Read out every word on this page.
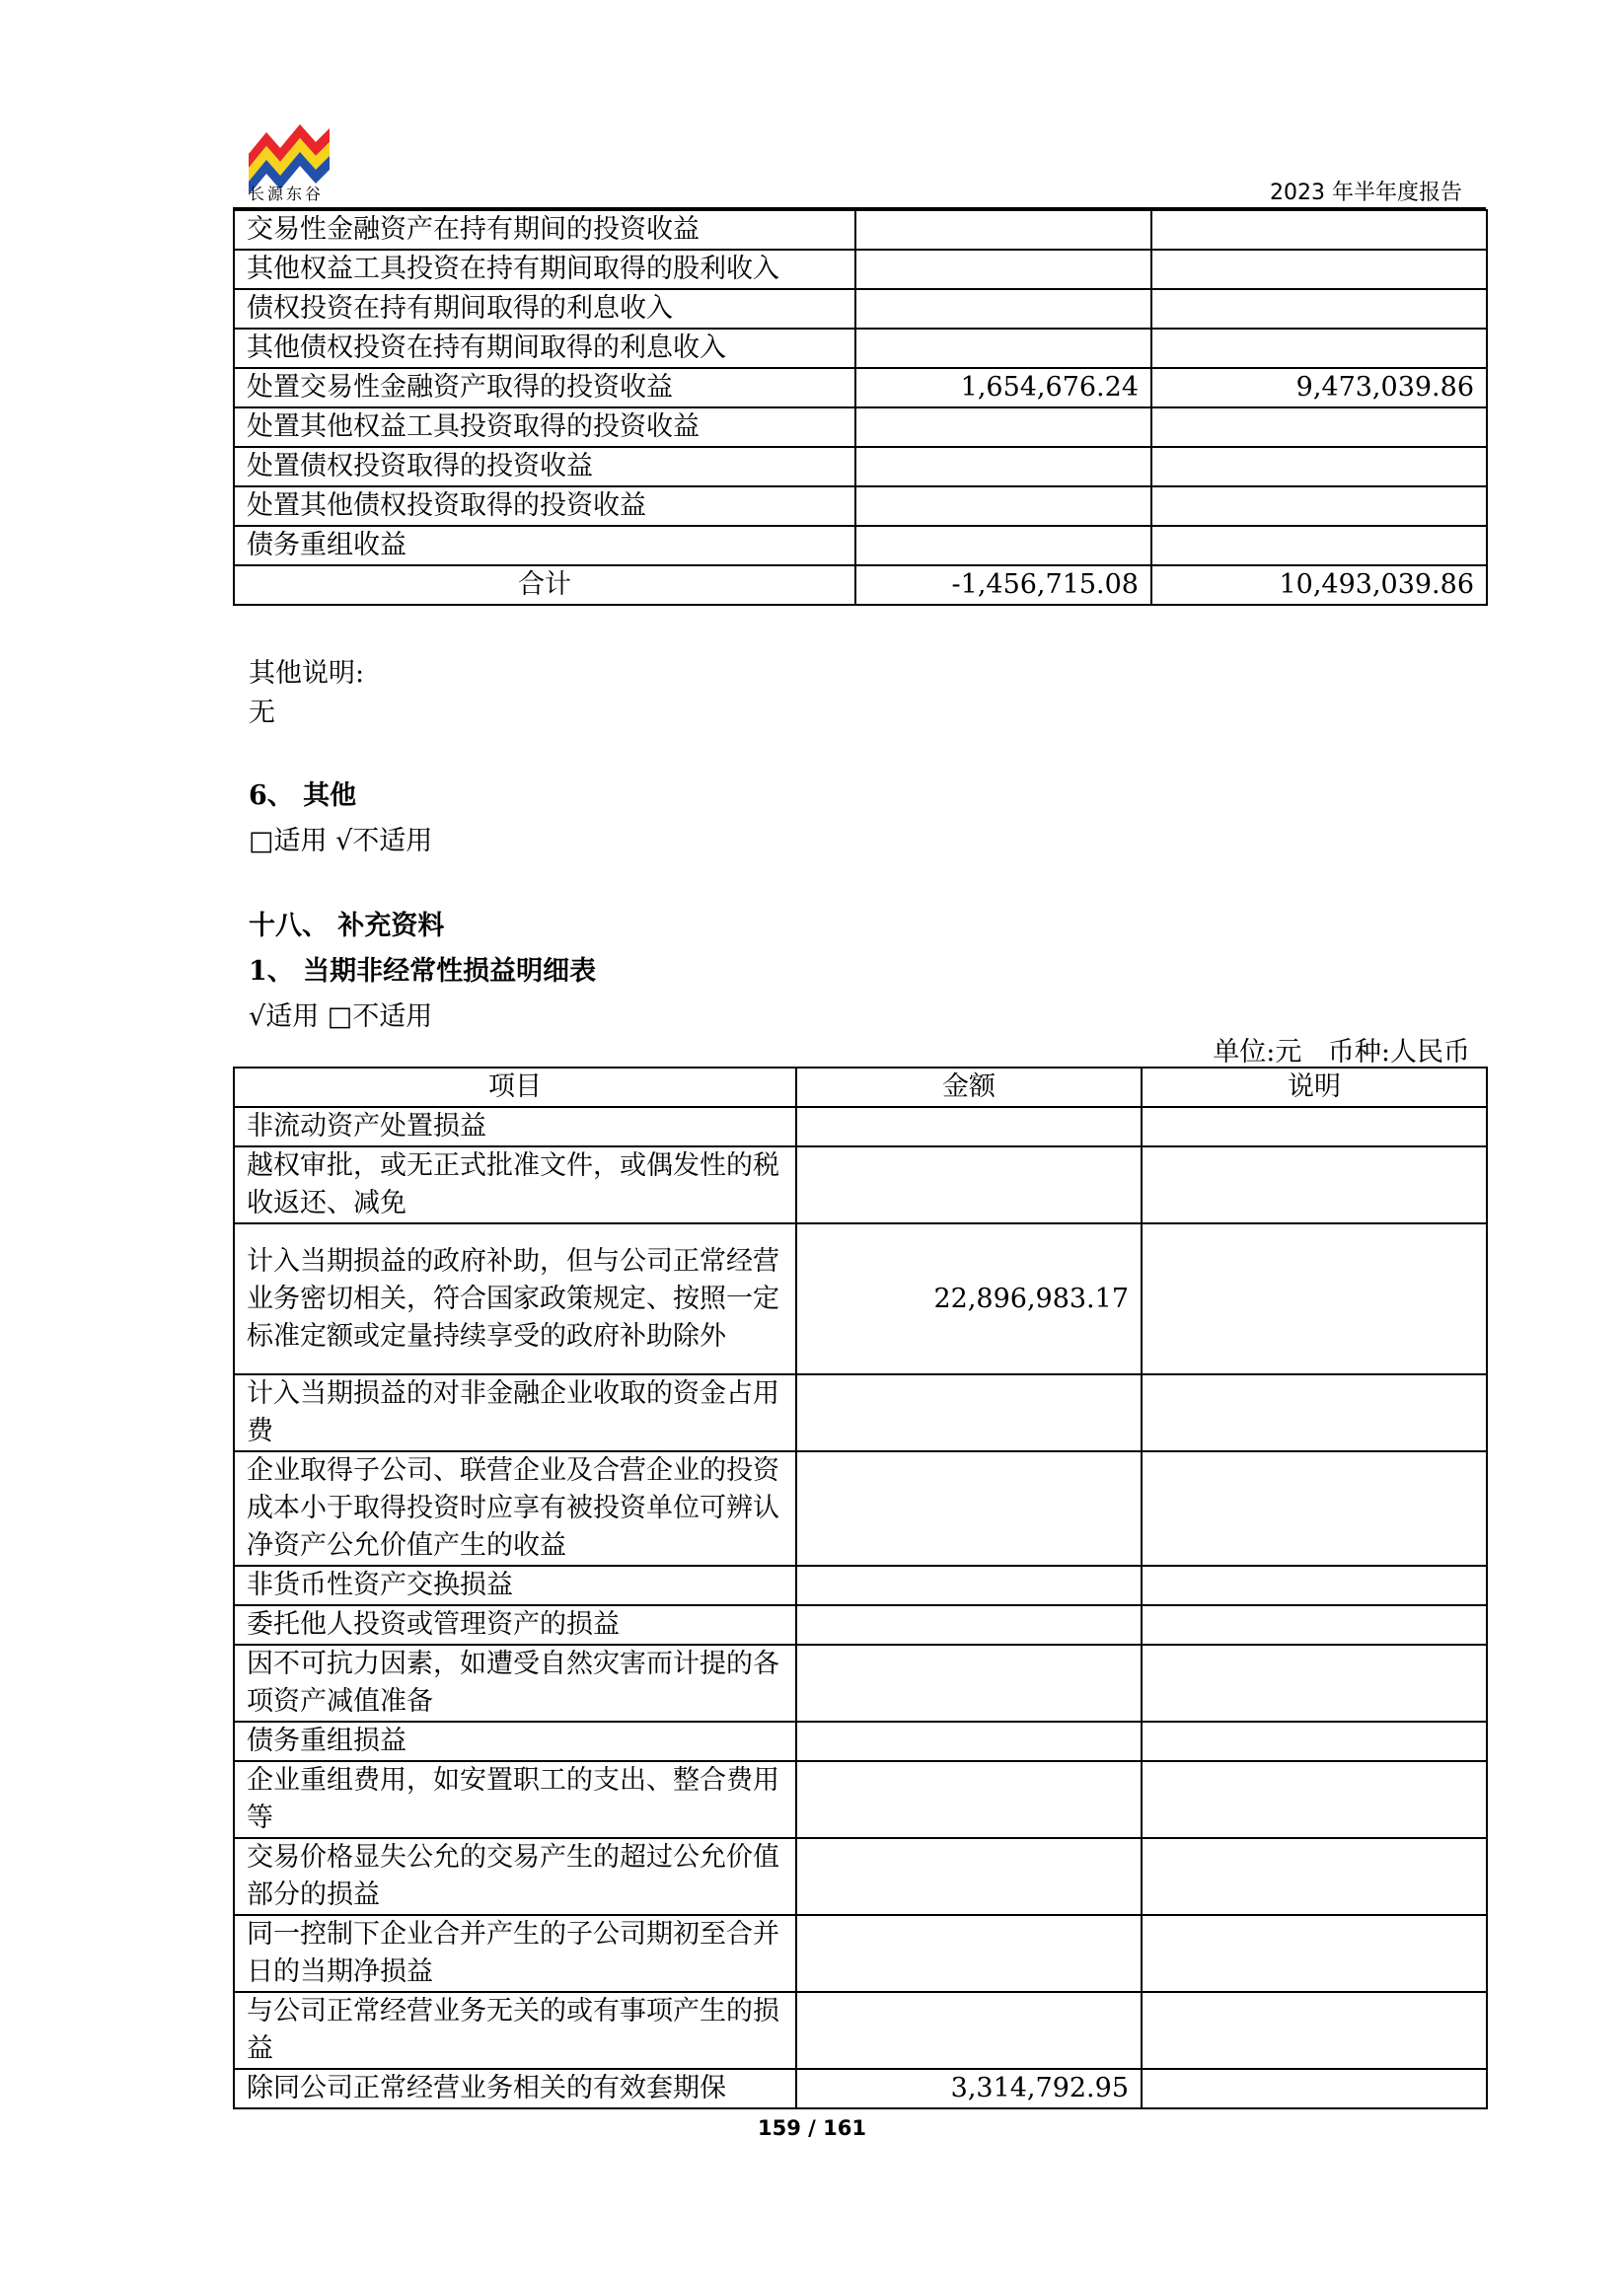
长源东谷	2023 年半年度报告
交易性金融资产在持有期间的投资收益		
其他权益工具投资在持有期间取得的股利收入		
债权投资在持有期间取得的利息收入		
其他债权投资在持有期间取得的利息收入		
处置交易性金融资产取得的投资收益	1,654,676.24	9,473,039.86
处置其他权益工具投资取得的投资收益		
处置债权投资取得的投资收益		
处置其他债权投资取得的投资收益		
债务重组收益		
合计	-1,456,715.08	10,493,039.86
其他说明:
无
6、 其他
□适用 √不适用
十八、 补充资料
1、 当期非经常性损益明细表
√适用 □不适用
单位:元 币种:人民币
项目	金额	说明
非流动资产处置损益		
越权审批，或无正式批准文件，或偶发性的税收返还、减免		
计入当期损益的政府补助，但与公司正常经营业务密切相关，符合国家政策规定、按照一定标准定额或定量持续享受的政府补助除外	22,896,983.17	
计入当期损益的对非金融企业收取的资金占用费		
企业取得子公司、联营企业及合营企业的投资成本小于取得投资时应享有被投资单位可辨认净资产公允价值产生的收益		
非货币性资产交换损益		
委托他人投资或管理资产的损益		
因不可抗力因素，如遭受自然灾害而计提的各项资产减值准备		
债务重组损益		
企业重组费用，如安置职工的支出、整合费用等		
交易价格显失公允的交易产生的超过公允价值部分的损益		
同一控制下企业合并产生的子公司期初至合并日的当期净损益		
与公司正常经营业务无关的或有事项产生的损益		
除同公司正常经营业务相关的有效套期保	3,314,792.95	
159 / 161
